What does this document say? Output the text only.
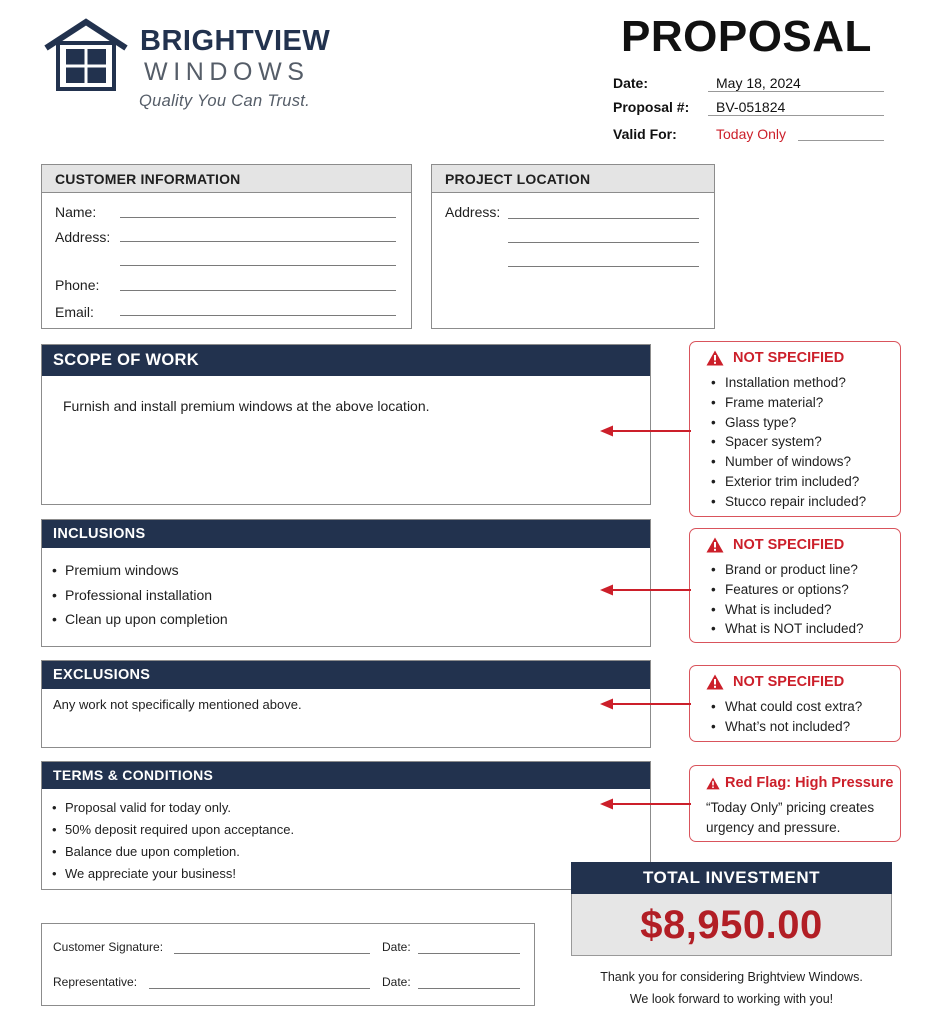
BRIGHTVIEW
WINDOWS
Quality You Can Trust.
PROPOSAL
Date:	May 18, 2024
Proposal #: BV-051824
Valid For:	Today Only
CUSTOMER INFORMATION
Name:
Address:
Phone:
Email:
PROJECT LOCATION
Address:
SCOPE OF WORK
Furnish and install premium windows at the above location.
INCLUSIONS
• Premium windows
• Professional installation
• Clean up upon completion
EXCLUSIONS
Any work not specifically mentioned above.
TERMS & CONDITIONS
• Proposal valid for today only.
• 50% deposit required upon acceptance.
• Balance due upon completion.
• We appreciate your business!
NOT SPECIFIED
• Installation method?
• Frame material?
• Glass type?
• Spacer system?
• Number of windows?
• Exterior trim included?
• Stucco repair included?
NOT SPECIFIED
• Brand or product line?
• Features or options?
• What is included?
• What is NOT included?
NOT SPECIFIED
• What could cost extra?
• What’s not included?
Red Flag: High Pressure
“Today Only” pricing creates urgency and pressure.
TOTAL INVESTMENT
$8,950.00
Thank you for considering Brightview Windows.
We look forward to working with you!
Customer Signature:	Date:
Representative:	Date:
